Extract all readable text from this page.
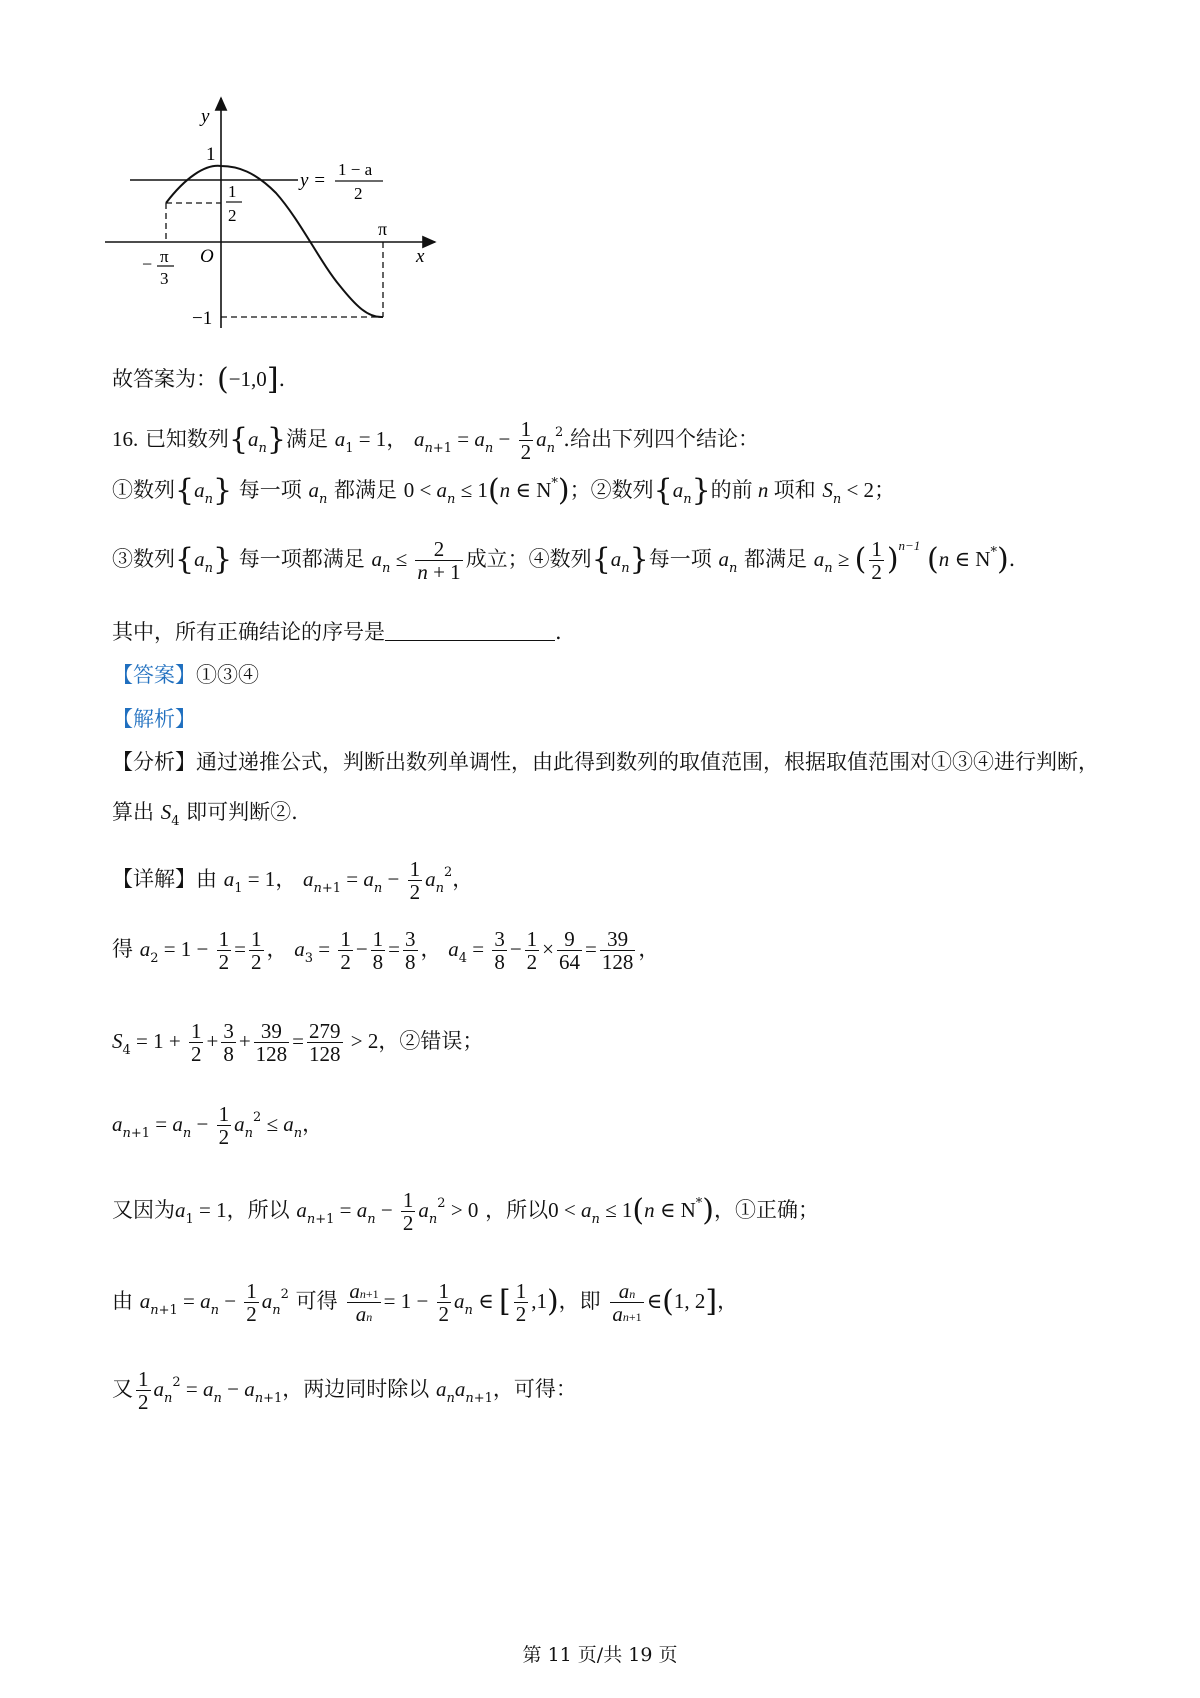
y
x
O
1
1
2
y =
1 − a
2
π
− π
3
−1
故答案为：(−1,0].
16. 已知数列$\{a_n\}$满足 $a_1 = 1$， $a_{n+1} = a_n - \frac{1}{2} a_n^2$.给出下列四个结论：
①数列$\{a_n\}$ 每一项 $a_n$ 都满足 $0 < a_n \le 1(n$ ∈ N*)；②数列$\{a_n\}$的前 n 项和 $S_n < 2$；
③数列$\{a_n\}$ 每一项都满足 $a_n \le \frac{2}{n + 1}$ 成立；④数列$\{a_n\}$每一项 $a_n$ 都满足 $a_n$ ≥ ( $\frac{1}{2} )^{n-1}$ (n ∈ N*).
其中，所有正确结论的序号是	.
【答案】①③④
【解析】
【分析】通过递推公式，判断出数列单调性，由此得到数列的取值范围，根据取值范围对①③④进行判断，
算出 $S_4$ 即可判断②.
【详解】由 $a_1 = 1$， $a_{n+1} = a_n - \frac{1}{2} a_n^2$，
得 $a_2 = 1 - \frac{1}{2} = \frac{1}{2}$ ， $a_3 = \frac{1}{2} - \frac{1}{8} = \frac{3}{8}$ ， $a_4 = \frac{3}{8} - \frac{1}{2} \times \frac{9}{64} = \frac{39}{128}$ ，
$S_4 = 1 + \frac{1}{2} + \frac{3}{8} + \frac{39}{128} = \frac{279}{128} > 2$，②错误；
$a_{n+1} = a_n - \frac{1}{2} a_n^2 \le a_n$，
又因为$a_1 = 1$，所以 $a_{n+1} = a_n - \frac{1}{2} a_n^2 > 0$ ，所以$0 < a_n \le 1(n$ ∈ N*)，①正确；
由 $a_{n+1} = a_n - \frac{1}{2} a_n^2$ 可得 $\frac{an+1}{an} = 1 - \frac{1}{2} a_n$ ∈ [ $\frac{1}{2} ,1$)，即 $\frac{an}{an+1}$ ∈(1, 2]，
又 $\frac{1}{2} a_n^2 = a_n - a_{n+1}$，两边同时除以 $a_na_{n+1}$，可得：
第 11 页/共 19 页
